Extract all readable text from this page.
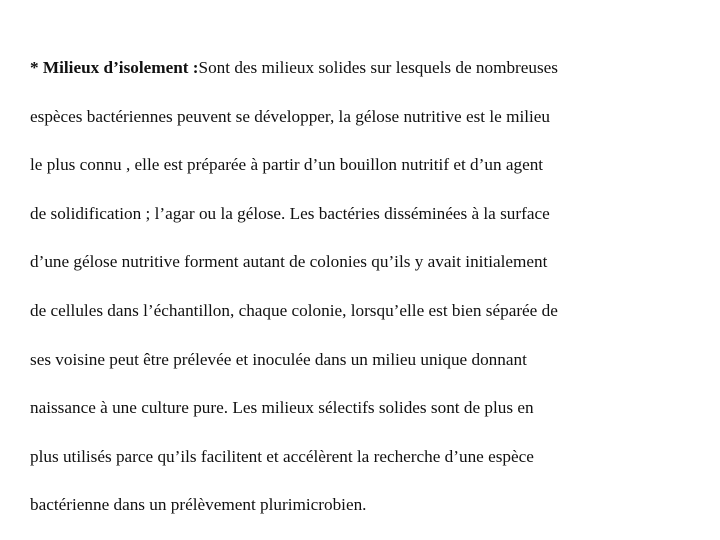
* Milieux d’isolement :Sont des milieux solides sur lesquels de nombreuses

espèces bactériennes peuvent se développer, la gélose nutritive est le milieu

le plus connu , elle est préparée à partir d’un bouillon nutritif et d’un agent

de solidification ; l’agar ou la gélose. Les bactéries disséminées à la surface

d’une gélose nutritive forment autant de colonies qu’ils y avait initialement

de cellules dans l’échantillon, chaque colonie, lorsqu’elle est bien séparée de

ses voisine peut être prélevée et inoculée dans un milieu unique donnant

naissance à une culture pure. Les milieux sélectifs solides sont de plus en

plus utilisés parce qu’ils facilitent et accélèrent la recherche d’une espèce

bactérienne dans un prélèvement plurimicrobien.
